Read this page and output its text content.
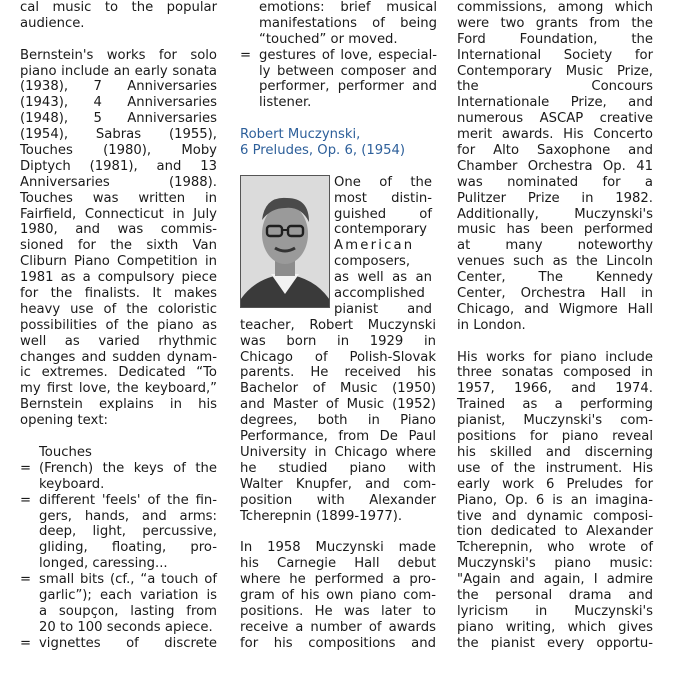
cal music to the popular
audience.
Bernstein's works for solo
piano include an early sonata
(1938), 7 Anniversaries
(1943), 4 Anniversaries
(1948), 5 Anniversaries
(1954), Sabras (1955),
Touches (1980), Moby
Diptych (1981), and 13
Anniversaries (1988).
Touches was written in
Fairfield, Connecticut in July
1980, and was commis-
sioned for the sixth Van
Cliburn Piano Competition in
1981 as a compulsory piece
for the finalists. It makes
heavy use of the coloristic
possibilities of the piano as
well as varied rhythmic
changes and sudden dynam-
ic extremes. Dedicated “To
my first love, the keyboard,”
Bernstein explains in his
opening text:
Touches
= (French) the keys of the
keyboard.
= different 'feels' of the fin-
gers, hands, and arms:
deep, light, percussive,
gliding, floating, pro-
longed, caressing...
= small bits (cf., “a touch of
garlic”); each variation is
a soupçon, lasting from
20 to 100 seconds apiece.
= vignettes of discrete
emotions: brief musical
manifestations of being
“touched” or moved.
= gestures of love, especial-
ly between composer and
performer, performer and
listener.
Robert Muczynski,
6 Preludes, Op. 6, (1954)
One of the
most distin-
guished of
contemporary
American
composers,
as well as an
accomplished
pianist and
teacher, Robert Muczynski
was born in 1929 in
Chicago of Polish-Slovak
parents. He received his
Bachelor of Music (1950)
and Master of Music (1952)
degrees, both in Piano
Performance, from De Paul
University in Chicago where
he studied piano with
Walter Knupfer, and com-
position with Alexander
Tcherepnin (1899-1977).
In 1958 Muczynski made
his Carnegie Hall debut
where he performed a pro-
gram of his own piano com-
positions. He was later to
receive a number of awards
for his compositions and
commissions, among which
were two grants from the
Ford Foundation, the
International Society for
Contemporary Music Prize,
the Concours
Internationale Prize, and
numerous ASCAP creative
merit awards. His Concerto
for Alto Saxophone and
Chamber Orchestra Op. 41
was nominated for a
Pulitzer Prize in 1982.
Additionally, Muczynski's
music has been performed
at many noteworthy
venues such as the Lincoln
Center, The Kennedy
Center, Orchestra Hall in
Chicago, and Wigmore Hall
in London.
His works for piano include
three sonatas composed in
1957, 1966, and 1974.
Trained as a performing
pianist, Muczynski's com-
positions for piano reveal
his skilled and discerning
use of the instrument. His
early work 6 Preludes for
Piano, Op. 6 is an imagina-
tive and dynamic composi-
tion dedicated to Alexander
Tcherepnin, who wrote of
Muczynski's piano music:
"Again and again, I admire
the personal drama and
lyricism in Muczynski's
piano writing, which gives
the pianist every opportu-
